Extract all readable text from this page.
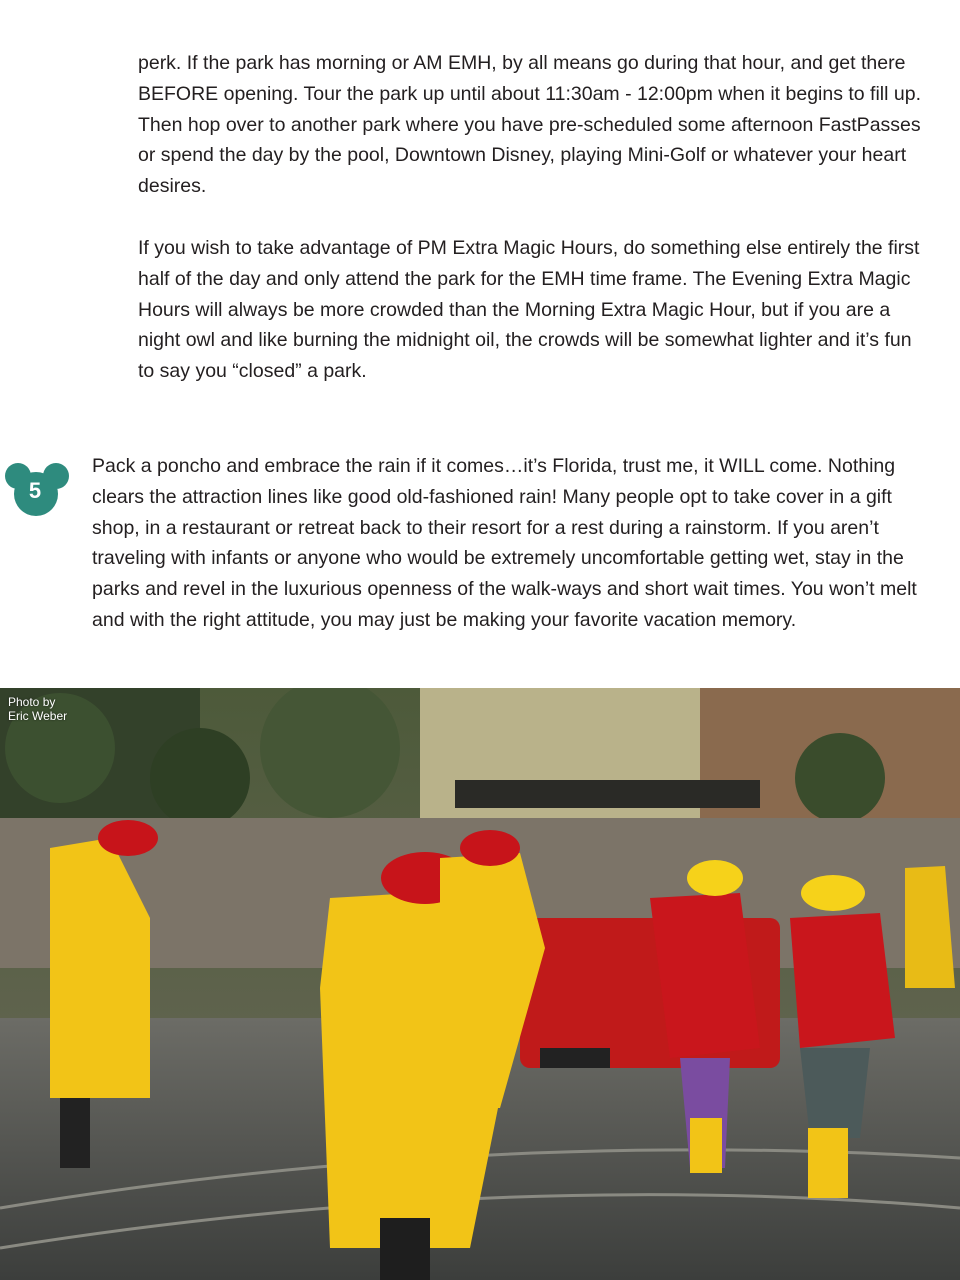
perk. If the park has morning or AM EMH, by all means go during that hour, and get there BEFORE opening. Tour the park up until about 11:30am - 12:00pm when it begins to fill up. Then hop over to another park where you have pre-scheduled some afternoon FastPasses or spend the day by the pool, Downtown Disney, playing Mini-Golf or whatever your heart desires.

If you wish to take advantage of PM Extra Magic Hours, do something else entirely the first half of the day and only attend the park for the EMH time frame. The Evening Extra Magic Hours will always be more crowded than the Morning Extra Magic Hour, but if you are a night owl and like burning the midnight oil, the crowds will be somewhat lighter and it’s fun to say you “closed” a park.

5

Pack a poncho and embrace the rain if it comes…it’s Florida, trust me, it WILL come. Nothing clears the attraction lines like good old-fashioned rain! Many people opt to take cover in a gift shop, in a restaurant or retreat back to their resort for a rest during a rainstorm. If you aren’t traveling with infants or anyone who would be extremely uncomfortable getting wet, stay in the parks and revel in the luxurious openness of the walk-ways and short wait times. You won’t melt and with the right attitude, you may just be making your favorite vacation memory.

Photo by
Eric Weber
